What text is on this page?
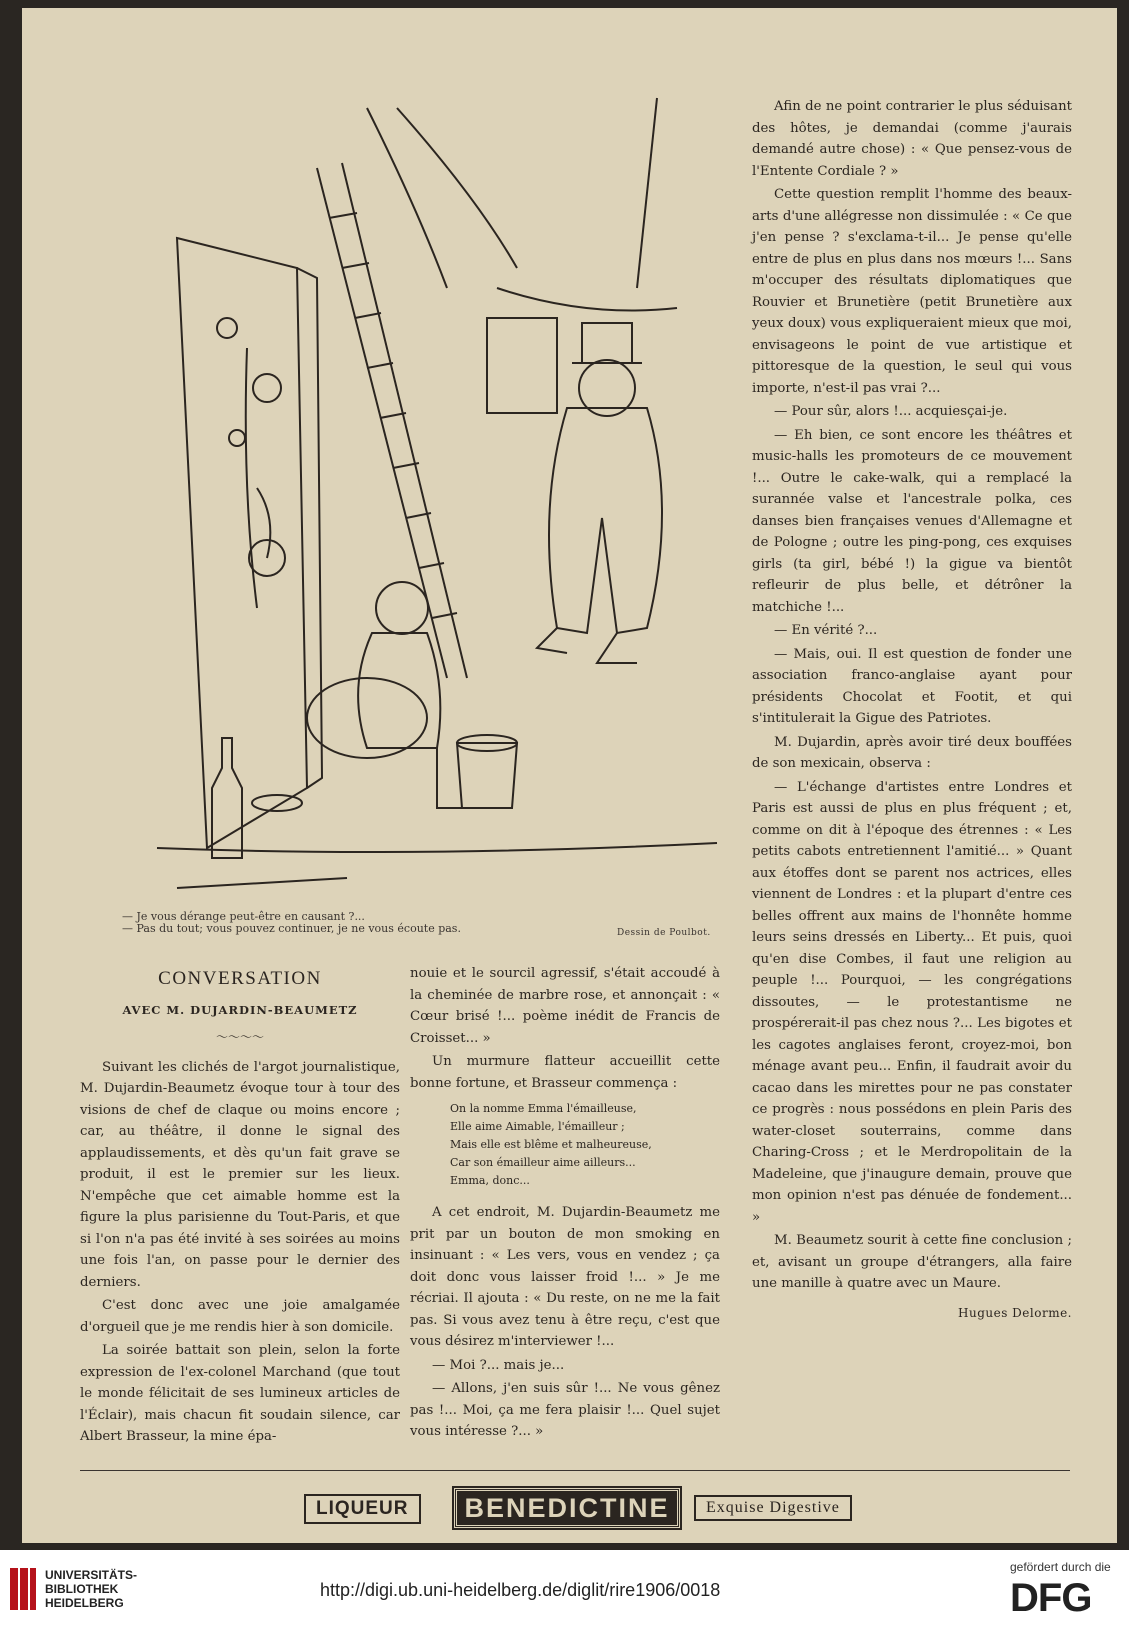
— Je vous dérange peut-être en causant ?...
— Pas du tout; vous pouvez continuer, je ne vous écoute pas.	Dessin de Poulbot.
CONVERSATION
AVEC M. DUJARDIN-BEAUMETZ
〜〜〜〜

Suivant les clichés de l'argot journalistique, M. Dujardin-Beaumetz évoque tour à tour des visions de chef de claque ou moins encore ; car, au théâtre, il donne le signal des applaudissements, et dès qu'un fait grave se produit, il est le premier sur les lieux. N'empêche que cet aimable homme est la figure la plus parisienne du Tout-Paris, et que si l'on n'a pas été invité à ses soirées au moins une fois l'an, on passe pour le dernier des derniers.

C'est donc avec une joie amalgamée d'orgueil que je me rendis hier à son domicile.

La soirée battait son plein, selon la forte expression de l'ex-colonel Marchand (que tout le monde félicitait de ses lumineux articles de l'Éclair), mais chacun fit soudain silence, car Albert Brasseur, la mine épa-

nouie et le sourcil agressif, s'était accoudé à la cheminée de marbre rose, et annonçait : « Cœur brisé !... poème inédit de Francis de Croisset... »

Un murmure flatteur accueillit cette bonne fortune, et Brasseur commença :

On la nomme Emma l'émailleuse,
Elle aime Aimable, l'émailleur ;
Mais elle est blême et malheureuse,
Car son émailleur aime ailleurs...
Emma, donc...

A cet endroit, M. Dujardin-Beaumetz me prit par un bouton de mon smoking en insinuant : « Les vers, vous en vendez ; ça doit donc vous laisser froid !... » Je me récriai. Il ajouta : « Du reste, on ne me la fait pas. Si vous avez tenu à être reçu, c'est que vous désirez m'interviewer !...

— Moi ?... mais je...

— Allons, j'en suis sûr !... Ne vous gênez pas !... Moi, ça me fera plaisir !... Quel sujet vous intéresse ?... »

Afin de ne point contrarier le plus séduisant des hôtes, je demandai (comme j'aurais demandé autre chose) : « Que pensez-vous de l'Entente Cordiale ? »

Cette question remplit l'homme des beaux-arts d'une allégresse non dissimulée : « Ce que j'en pense ? s'exclama-t-il... Je pense qu'elle entre de plus en plus dans nos mœurs !... Sans m'occuper des résultats diplomatiques que Rouvier et Brunetière (petit Brunetière aux yeux doux) vous expliqueraient mieux que moi, envisageons le point de vue artistique et pittoresque de la question, le seul qui vous importe, n'est-il pas vrai ?...

— Pour sûr, alors !... acquiesçai-je.

— Eh bien, ce sont encore les théâtres et music-halls les promoteurs de ce mouvement !... Outre le cake-walk, qui a remplacé la surannée valse et l'ancestrale polka, ces danses bien françaises venues d'Allemagne et de Pologne ; outre les ping-pong, ces exquises girls (ta girl, bébé !) la gigue va bientôt refleurir de plus belle, et détrôner la matchiche !...

— En vérité ?...

— Mais, oui. Il est question de fonder une association franco-anglaise ayant pour présidents Chocolat et Footit, et qui s'intitulerait la Gigue des Patriotes.

M. Dujardin, après avoir tiré deux bouffées de son mexicain, observa :

— L'échange d'artistes entre Londres et Paris est aussi de plus en plus fréquent ; et, comme on dit à l'époque des étrennes : « Les petits cabots entretiennent l'amitié... » Quant aux étoffes dont se parent nos actrices, elles viennent de Londres : et la plupart d'entre ces belles offrent aux mains de l'honnête homme leurs seins dressés en Liberty... Et puis, quoi qu'en dise Combes, il faut une religion au peuple !... Pourquoi, — les congrégations dissoutes, — le protestantisme ne prospérerait-il pas chez nous ?... Les bigotes et les cagotes anglaises feront, croyez-moi, bon ménage avant peu... Enfin, il faudrait avoir du cacao dans les mirettes pour ne pas constater ce progrès : nous possédons en plein Paris des water-closet souterrains, comme dans Charing-Cross ; et le Merdropolitain de la Madeleine, que j'inaugure demain, prouve que mon opinion n'est pas dénuée de fondement... »

M. Beaumetz sourit à cette fine conclusion ; et, avisant un groupe d'étrangers, alla faire une manille à quatre avec un Maure.

Hugues Delorme.
LIQUEUR	BENEDICTINE	Exquise Digestive
UNIVERSITÄTS-
BIBLIOTHEK
HEIDELBERG
http://digi.ub.uni-heidelberg.de/diglit/rire1906/0018
gefördert durch die
DFG
